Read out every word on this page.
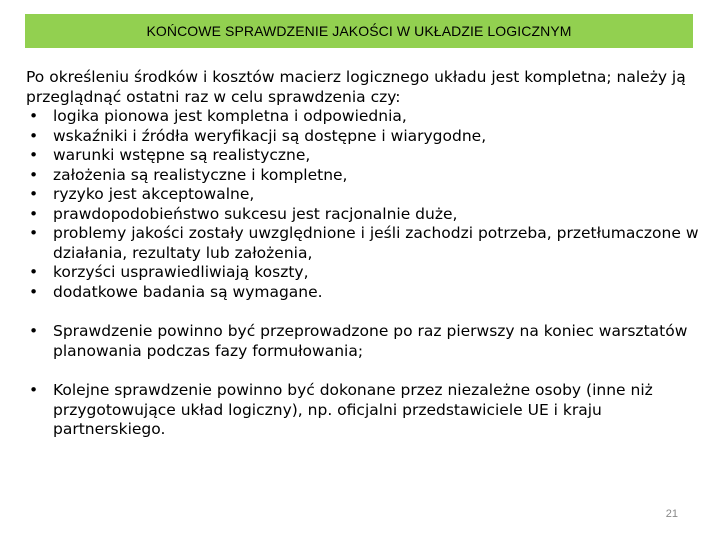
KOŃCOWE SPRAWDZENIE JAKOŚCI W UKŁADZIE LOGICZNYM

Po określeniu środków i kosztów macierz logicznego układu jest kompletna; należy ją przeglądnąć ostatni raz w celu sprawdzenia czy:

• logika pionowa jest kompletna i odpowiednia,
• wskaźniki i źródła weryfikacji są dostępne i wiarygodne,
• warunki wstępne są realistyczne,
• założenia są realistyczne i kompletne,
• ryzyko jest akceptowalne,
• prawdopodobieństwo sukcesu jest racjonalnie duże,
• problemy jakości zostały uwzględnione i jeśli zachodzi potrzeba, przetłumaczone w działania, rezultaty lub założenia,
• korzyści usprawiedliwiają koszty,
• dodatkowe badania są wymagane.
• Sprawdzenie powinno być przeprowadzone po raz pierwszy na koniec warsztatów planowania podczas fazy formułowania;
• Kolejne sprawdzenie powinno być dokonane przez niezależne osoby (inne niż przygotowujące układ logiczny), np. oficjalni przedstawiciele UE i kraju partnerskiego.
21
